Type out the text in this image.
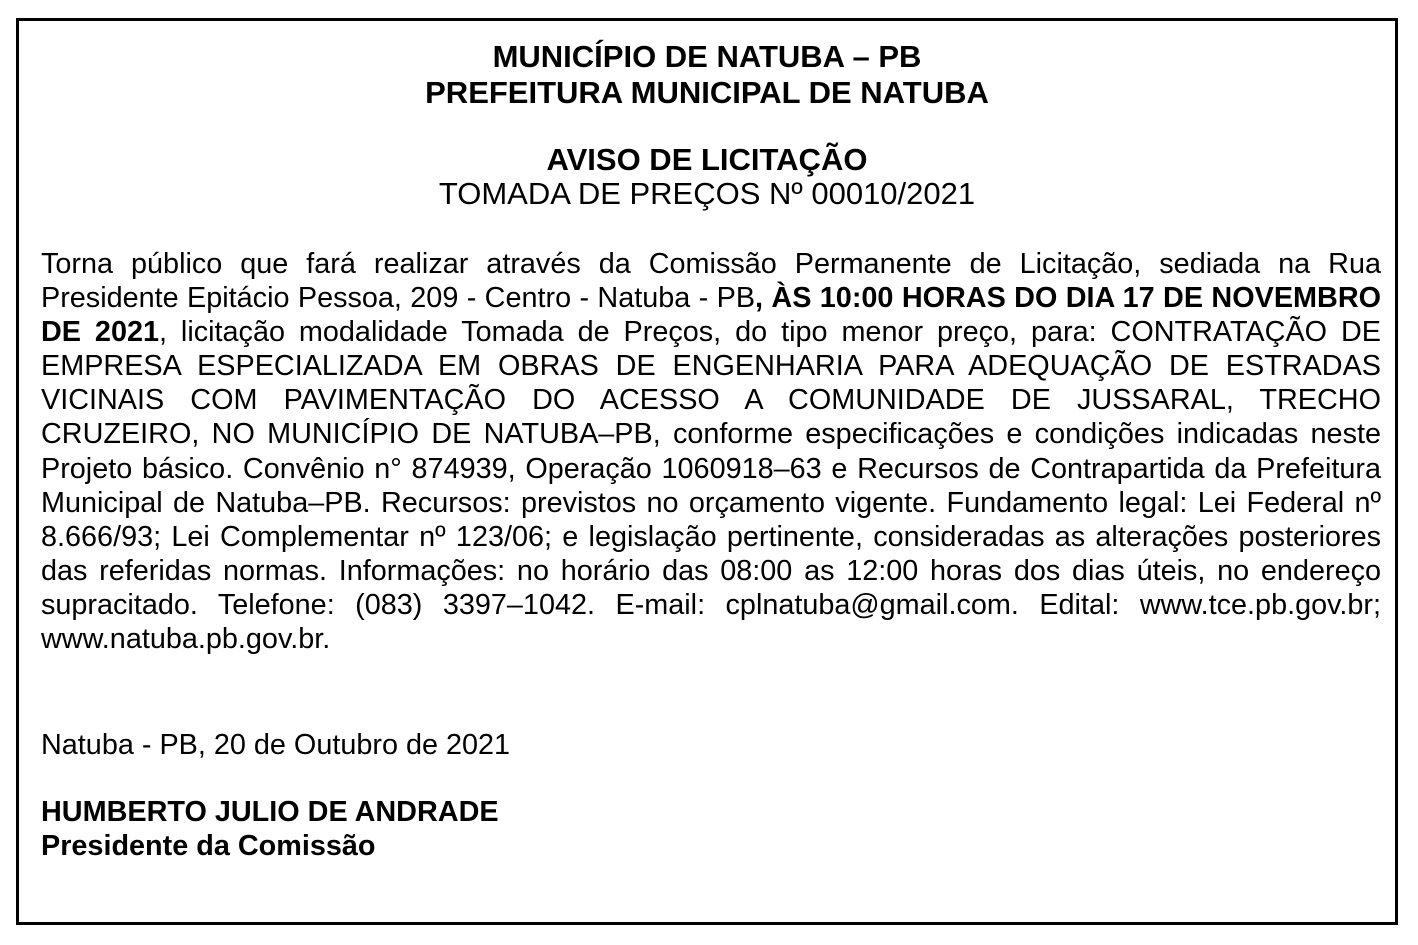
MUNICÍPIO DE NATUBA – PB
PREFEITURA MUNICIPAL DE NATUBA
AVISO DE LICITAÇÃO
TOMADA DE PREÇOS Nº 00010/2021

Torna público que fará realizar através da Comissão Permanente de Licitação, sediada na Rua Presidente Epitácio Pessoa, 209 - Centro - Natuba - PB, ÀS 10:00 HORAS DO DIA 17 DE NOVEMBRO DE 2021, licitação modalidade Tomada de Preços, do tipo menor preço, para: CONTRATAÇÃO DE EMPRESA ESPECIALIZADA EM OBRAS DE ENGENHARIA PARA ADEQUAÇÃO DE ESTRADAS VICINAIS COM PAVIMENTAÇÃO DO ACESSO A COMUNIDADE DE JUSSARAL, TRECHO CRUZEIRO, NO MUNICÍPIO DE NATUBA–PB, conforme especificações e condições indicadas neste Projeto básico. Convênio n° 874939, Operação 1060918–63 e Recursos de Contrapartida da Prefeitura Municipal de Natuba–PB. Recursos: previstos no orçamento vigente. Fundamento legal: Lei Federal nº 8.666/93; Lei Complementar nº 123/06; e legislação pertinente, consideradas as alterações posteriores das referidas normas. Informações: no horário das 08:00 as 12:00 horas dos dias úteis, no endereço supracitado. Telefone: (083) 3397–1042. E-mail: cplnatuba@gmail.com. Edital: www.tce.pb.gov.br; www.natuba.pb.gov.br.

Natuba - PB, 20 de Outubro de 2021
HUMBERTO JULIO DE ANDRADE
Presidente da Comissão
